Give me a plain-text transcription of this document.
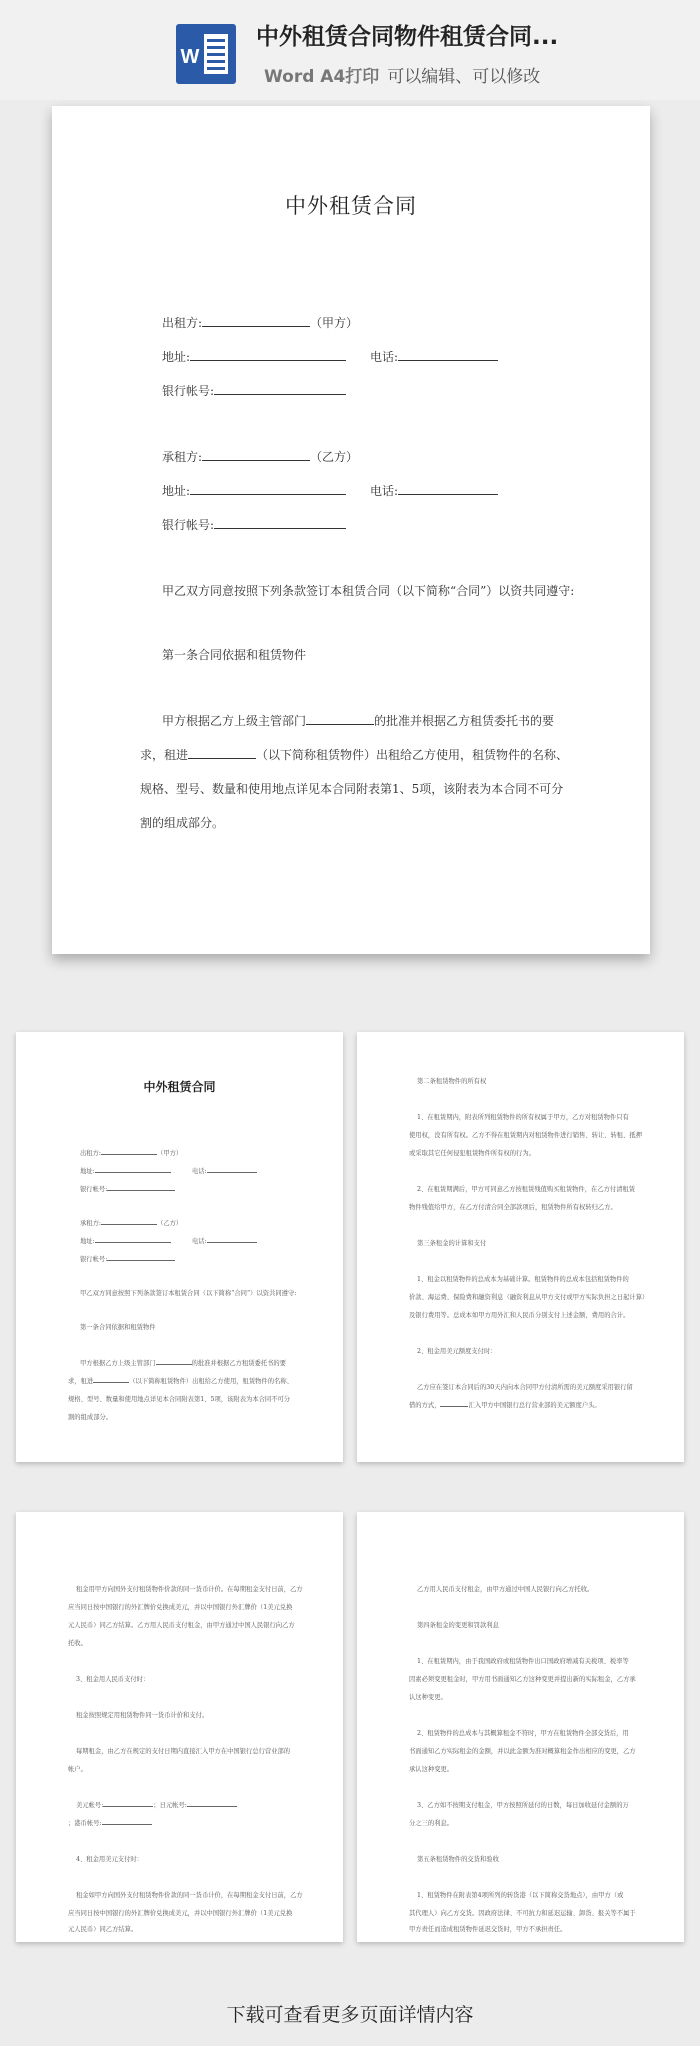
W
中外租赁合同物件租赁合同...
Word A4打印 可以编辑、可以修改
中外租赁合同
出租方:	（甲方）
地址:	电话:
银行帐号:
承租方:	（乙方）
地址:	电话:
银行帐号:
甲乙双方同意按照下列条款签订本租赁合同（以下简称“合同”）以资共同遵守:
第一条合同依据和租赁物件
甲方根据乙方上级主管部门	的批准并根据乙方租赁委托书的要
求，租进	（以下简称租赁物件）出租给乙方使用，租赁物件的名称、
规格、型号、数量和使用地点详见本合同附表第1、5项，该附表为本合同不可分
割的组成部分。
中外租赁合同
出租方:	（甲方）
地址:	电话:
银行帐号:
承租方:	（乙方）
地址:	电话:
银行帐号:
甲乙双方同意按照下列条款签订本租赁合同（以下简称“合同”）以资共同遵守:
第一条合同依据和租赁物件
甲方根据乙方上级主管部门	的批准并根据乙方租赁委托书的要
求，租进	（以下简称租赁物件）出租给乙方使用，租赁物件的名称、
规格、型号、数量和使用地点详见本合同附表第1、5项，该附表为本合同不可分
割的组成部分。
第二条租赁物件的所有权
1、在租赁期内，附表所列租赁物件的所有权属于甲方，乙方对租赁物件只有
使用权，没有所有权。乙方不得在租赁期内对租赁物件进行销售、转让、转租、抵押
或采取其它任何侵犯租赁物件所有权的行为。
2、在租赁期满后，甲方可同意乙方按租赁残值购买租赁物件，在乙方付清租赁
物件残值给甲方，在乙方付清合同全部款项后，租赁物件所有权转归乙方。
第三条租金的计算和支付
1、租金以租赁物件的总成本为基础计算。租赁物件的总成本包括租赁物件的
价款、海运费、保险费和融资利息（融资利息从甲方支付或甲方实际负担之日起计算）
及银行费用等。总成本如甲方用外汇和人民币分别支付上述金额，费用的合计。
2、租金用美元额度支付时：
乙方应在签订本合同后的30天内向本合同甲方付清所需的美元额度采用银行留
借的方式，	汇入甲方中国银行总行营业部的美元额度户头。
租金用甲方向国外支付租赁物件价款的同一货币计价。在每期租金支付日前，乙方
应当同日按中国银行的外汇牌价兑换成美元，并以中国银行外汇牌价（1美元兑换
元人民币）同乙方结算。乙方用人民币支付租金，由甲方通过中国人民银行向乙方
托收。
3、租金用人民币支付时：
租金按照规定用租赁物件同一货币计价和支付。
每期租金，由乙方在规定的支付日期内直接汇入甲方在中国银行总行营业部的
帐户。
美元帐号:	；日元帐号:
；港币帐号:
4、租金用美元支付时：
租金如甲方向国外支付租赁物件价款的同一货币计价，在每期租金支付日前，乙方
应当同日按中国银行的外汇牌价兑换成美元，并以中国银行外汇牌价（1美元兑换
元人民币）同乙方结算。
乙方用人民币支付租金，由甲方通过中国人民银行向乙方托收。
第四条租金的变更和罚款利息
1、在租赁期内，由于我国政府或租赁物件出口国政府增减有关税项、税率等
因素必须变更租金时，甲方用书面通知乙方这种变更并提出新的实际租金，乙方承
认这种变更。
2、租赁物件的总成本与其概算租金不符时，甲方在租赁物件全部交货后，用
书面通知乙方实际租金的金额，并以此金额为准对概算租金作出相应的变更，乙方
承认这种变更。
3、乙方如不按期支付租金，甲方按照所延付的日数，每日加收延付金额的万
分之三的利息。
第五条租赁物件的交货和验收
1、租赁物件在附表第4项所列的转货港（以下简称交货地点），由甲方（或
其代理人）向乙方交货。因政府法律、不可抗力和延迟运输、卸货、报关等不属于
甲方责任而造成租赁物件延迟交货时，甲方不承担责任。
下载可查看更多页面详情内容
